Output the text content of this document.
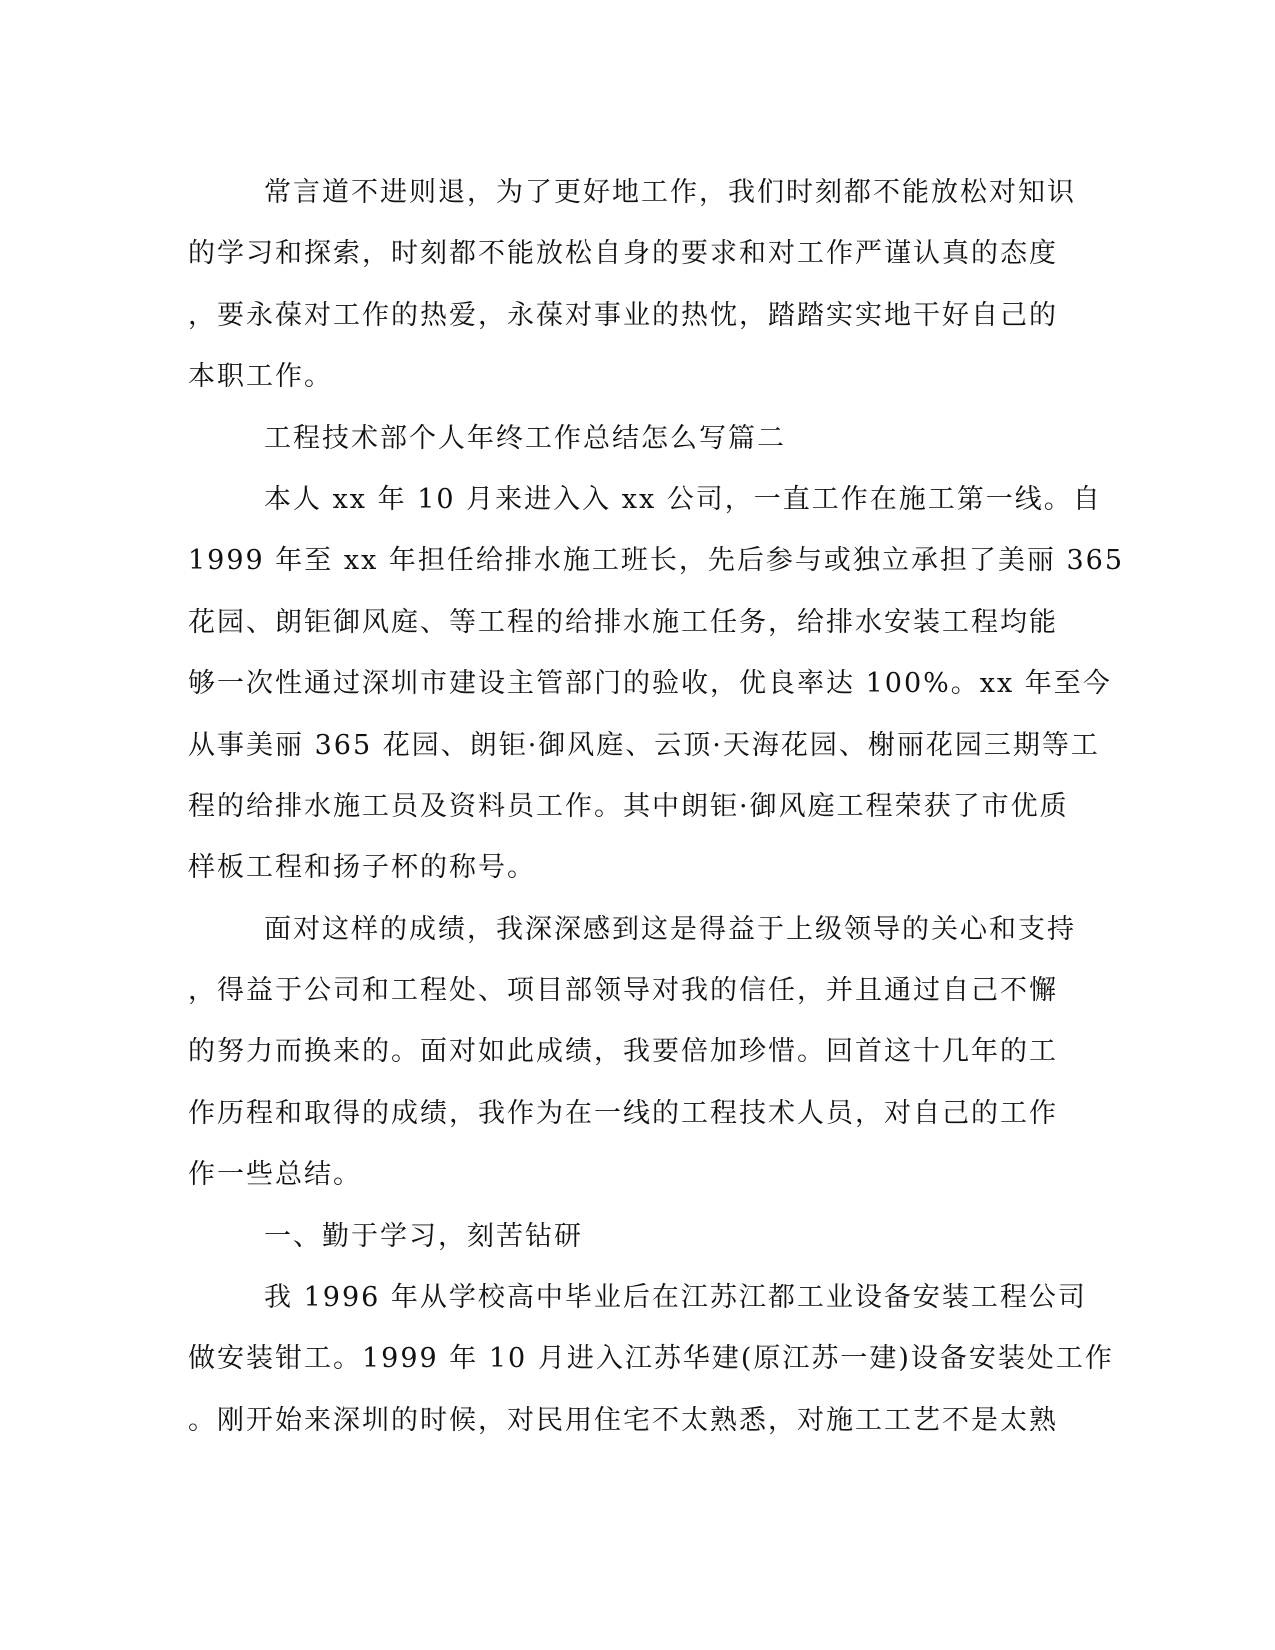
常言道不进则退，为了更好地工作，我们时刻都不能放松对知识
的学习和探索，时刻都不能放松自身的要求和对工作严谨认真的态度
，要永葆对工作的热爱，永葆对事业的热忱，踏踏实实地干好自己的
本职工作。
工程技术部个人年终工作总结怎么写篇二
本人 xx 年 10 月来进入入 xx 公司，一直工作在施工第一线。自
1999 年至 xx 年担任给排水施工班长，先后参与或独立承担了美丽 365
花园、朗钜御风庭、等工程的给排水施工任务，给排水安装工程均能
够一次性通过深圳市建设主管部门的验收，优良率达 100%。xx 年至今
从事美丽 365 花园、朗钜·御风庭、云顶·天海花园、榭丽花园三期等工
程的给排水施工员及资料员工作。其中朗钜·御风庭工程荣获了市优质
样板工程和扬子杯的称号。
面对这样的成绩，我深深感到这是得益于上级领导的关心和支持
，得益于公司和工程处、项目部领导对我的信任，并且通过自己不懈
的努力而换来的。面对如此成绩，我要倍加珍惜。回首这十几年的工
作历程和取得的成绩，我作为在一线的工程技术人员，对自己的工作
作一些总结。
一、勤于学习，刻苦钻研
我 1996 年从学校高中毕业后在江苏江都工业设备安装工程公司
做安装钳工。1999 年 10 月进入江苏华建(原江苏一建)设备安装处工作
。刚开始来深圳的时候，对民用住宅不太熟悉，对施工工艺不是太熟
